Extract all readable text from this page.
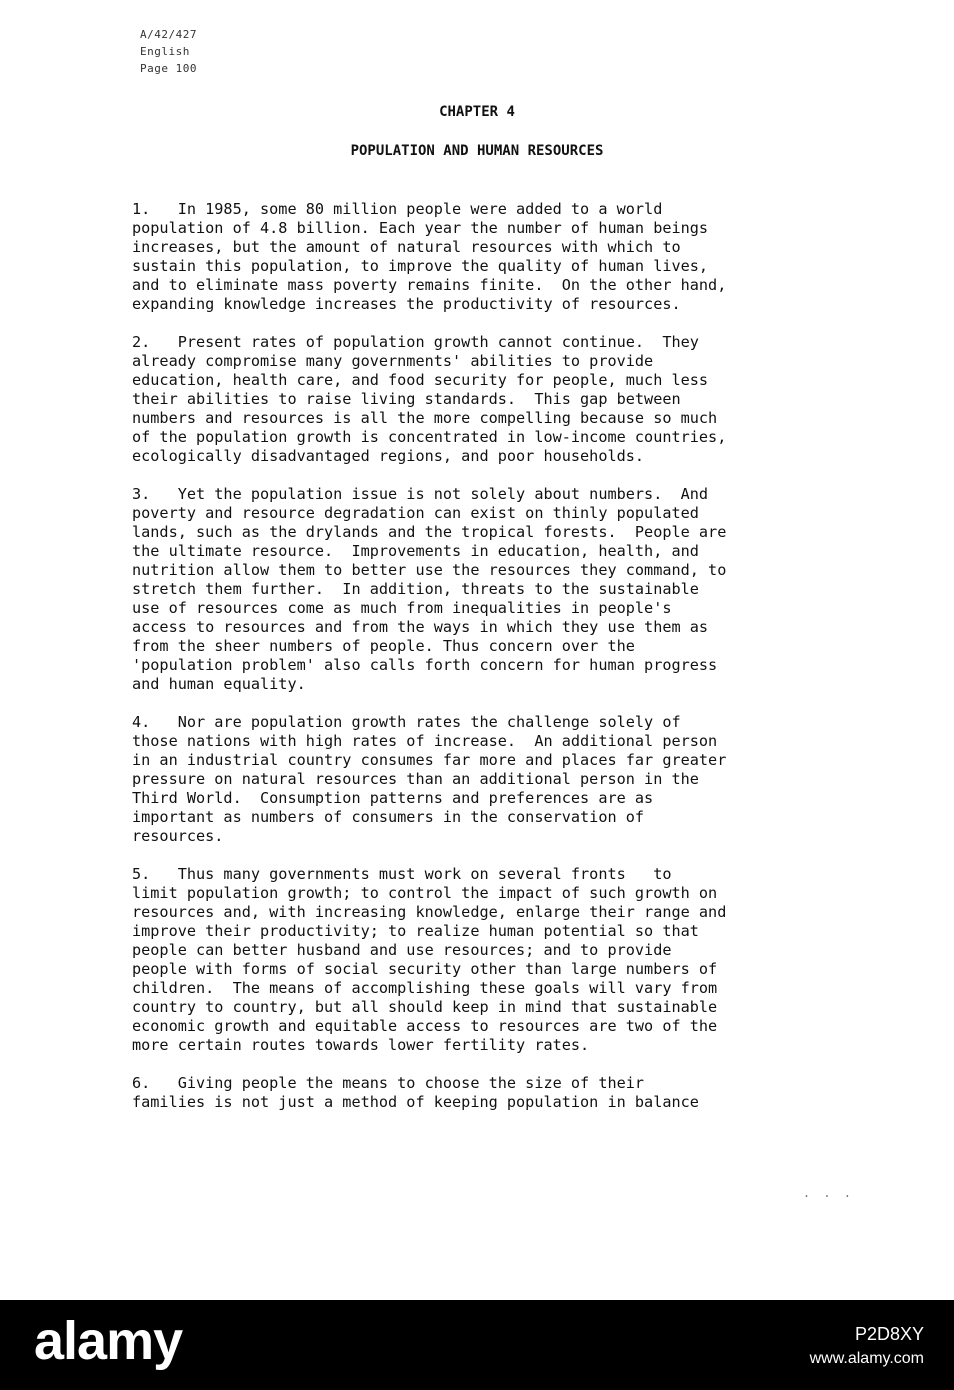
A/42/427
English
Page 100
CHAPTER 4
POPULATION AND HUMAN RESOURCES
1.   In 1985, some 80 million people were added to a world
population of 4.8 billion. Each year the number of human beings
increases, but the amount of natural resources with which to
sustain this population, to improve the quality of human lives,
and to eliminate mass poverty remains finite.  On the other hand,
expanding knowledge increases the productivity of resources.
2.   Present rates of population growth cannot continue.  They
already compromise many governments' abilities to provide
education, health care, and food security for people, much less
their abilities to raise living standards.  This gap between
numbers and resources is all the more compelling because so much
of the population growth is concentrated in low-income countries,
ecologically disadvantaged regions, and poor households.
3.   Yet the population issue is not solely about numbers.  And
poverty and resource degradation can exist on thinly populated
lands, such as the drylands and the tropical forests.  People are
the ultimate resource.  Improvements in education, health, and
nutrition allow them to better use the resources they command, to
stretch them further.  In addition, threats to the sustainable
use of resources come as much from inequalities in people's
access to resources and from the ways in which they use them as
from the sheer numbers of people. Thus concern over the
'population problem' also calls forth concern for human progress
and human equality.
4.   Nor are population growth rates the challenge solely of
those nations with high rates of increase.  An additional person
in an industrial country consumes far more and places far greater
pressure on natural resources than an additional person in the
Third World.  Consumption patterns and preferences are as
important as numbers of consumers in the conservation of
resources.
5.   Thus many governments must work on several fronts   to
limit population growth; to control the impact of such growth on
resources and, with increasing knowledge, enlarge their range and
improve their productivity; to realize human potential so that
people can better husband and use resources; and to provide
people with forms of social security other than large numbers of
children.  The means of accomplishing these goals will vary from
country to country, but all should keep in mind that sustainable
economic growth and equitable access to resources are two of the
more certain routes towards lower fertility rates.
6.   Giving people the means to choose the size of their
families is not just a method of keeping population in balance
. . .
alamy	P2D8XY
www.alamy.com
